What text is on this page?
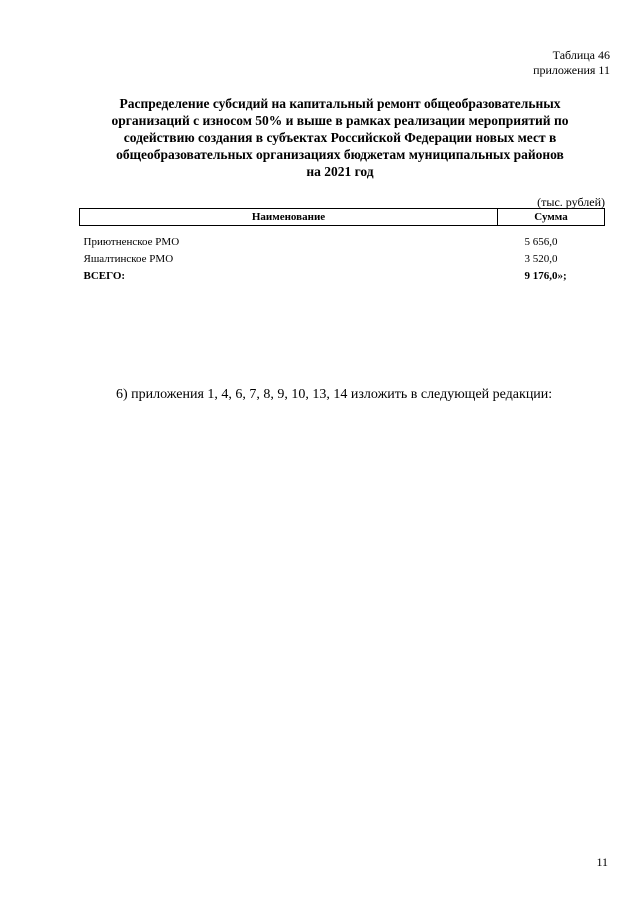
Таблица 46
приложения 11
Распределение субсидий на капитальный ремонт общеобразовательных
организаций с износом 50% и выше в рамках реализации мероприятий по
содействию создания в субъектах Российской Федерации новых мест в
общеобразовательных организациях бюджетам муниципальных районов
на 2021 год
(тыс. рублей)
Наименование	Сумма
Приютненское РМО	5 656,0
Яшалтинское РМО	3 520,0
ВСЕГО:	9 176,0»;
6) приложения 1, 4, 6, 7, 8, 9, 10, 13, 14 изложить в следующей редакции:
11
